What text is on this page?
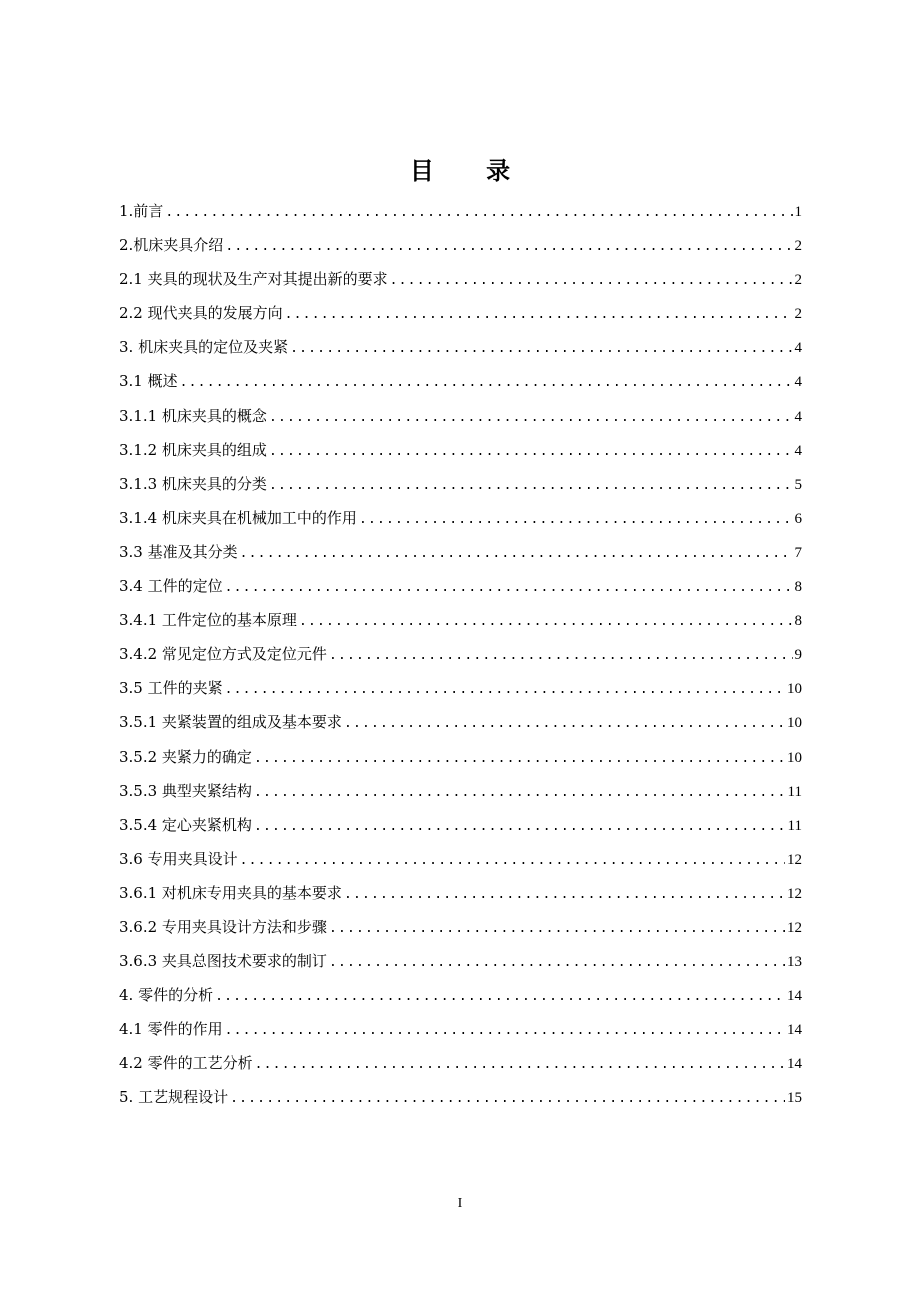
目 录
1.前言 .....	1
2.机床夹具介绍 .....	2
2.1 夹具的现状及生产对其提出新的要求 .....	2
2.2 现代夹具的发展方向 .....	2
3. 机床夹具的定位及夹紧 .....	4
3.1 概述 .....	4
3.1.1 机床夹具的概念 .....	4
3.1.2 机床夹具的组成 .....	4
3.1.3 机床夹具的分类 .....	5
3.1.4 机床夹具在机械加工中的作用 .....	6
3.3 基准及其分类 .....	7
3.4 工件的定位 .....	8
3.4.1 工件定位的基本原理 .....	8
3.4.2 常见定位方式及定位元件 .....	9
3.5 工件的夹紧 .....	10
3.5.1 夹紧装置的组成及基本要求 .....	10
3.5.2 夹紧力的确定 .....	10
3.5.3 典型夹紧结构 .....	11
3.5.4 定心夹紧机构 .....	11
3.6 专用夹具设计 .....	12
3.6.1 对机床专用夹具的基本要求 .....	12
3.6.2 专用夹具设计方法和步骤 .....	12
3.6.3 夹具总图技术要求的制订 .....	13
4. 零件的分析 .....	14
4.1 零件的作用 .....	14
4.2 零件的工艺分析 .....	14
5. 工艺规程设计 .....	15
I
